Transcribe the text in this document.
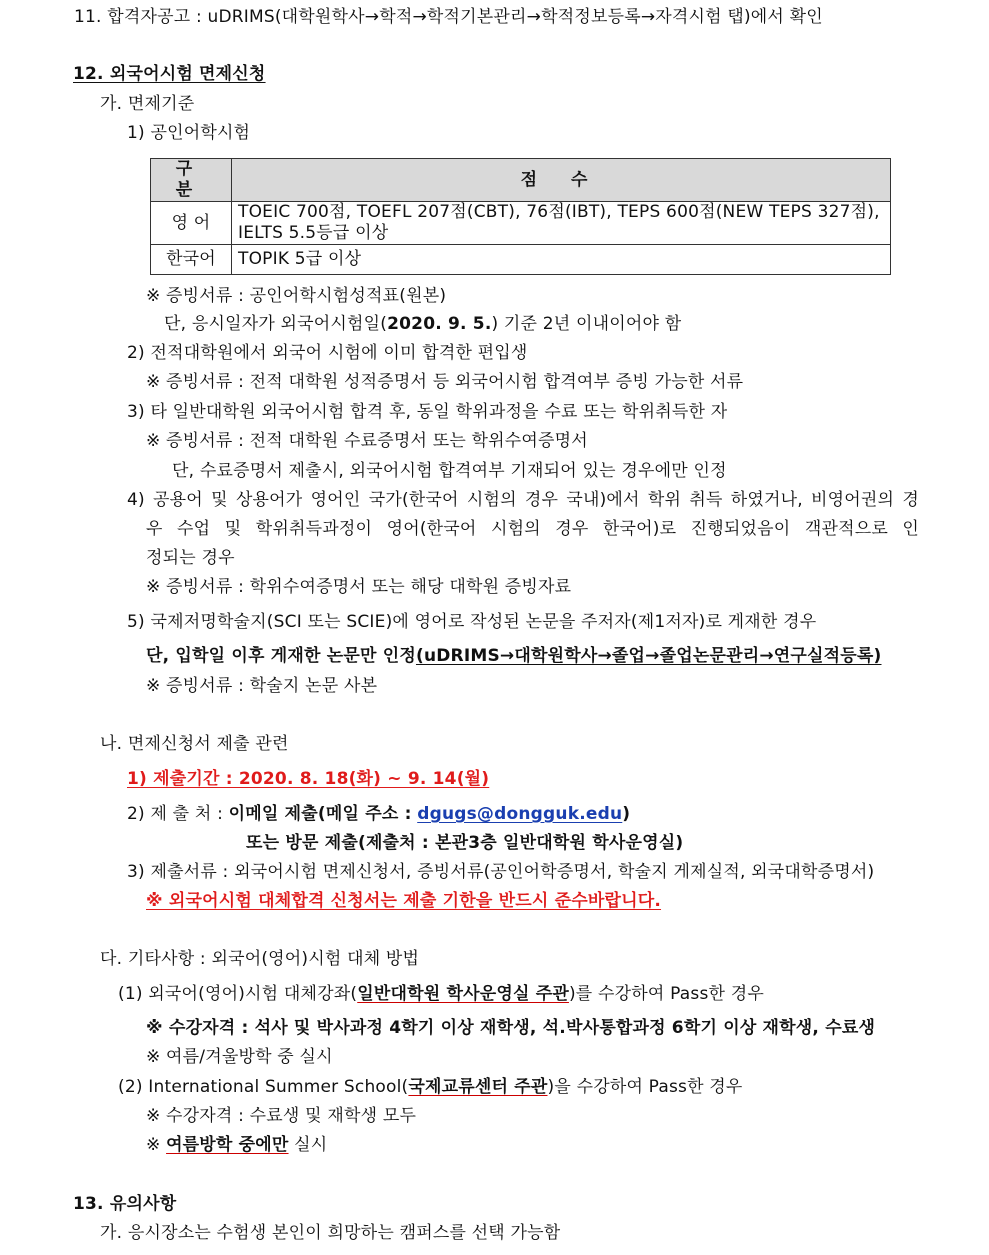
11. 합격자공고 : uDRIMS(대학원학사→학적→학적기본관리→학적정보등록→자격시험 탭)에서 확인
12. 외국어시험 면제신청
가. 면제기준
1) 공인어학시험
구 분	점 수
영 어	TOEIC 700점, TOEFL 207점(CBT), 76점(IBT), TEPS 600점(NEW TEPS 327점),
IELTS 5.5등급 이상

한국어	TOPIK 5급 이상
※ 증빙서류 : 공인어학시험성적표(원본)
단, 응시일자가 외국어시험일(2020. 9. 5.) 기준 2년 이내이어야 함
2) 전적대학원에서 외국어 시험에 이미 합격한 편입생
※ 증빙서류 : 전적 대학원 성적증명서 등 외국어시험 합격여부 증빙 가능한 서류
3) 타 일반대학원 외국어시험 합격 후, 동일 학위과정을 수료 또는 학위취득한 자
※ 증빙서류 : 전적 대학원 수료증명서 또는 학위수여증명서
단, 수료증명서 제출시, 외국어시험 합격여부 기재되어 있는 경우에만 인정
4) 공용어 및 상용어가 영어인 국가(한국어 시험의 경우 국내)에서 학위 취득 하였거나, 비영어권의 경
우 수업 및 학위취득과정이 영어(한국어 시험의 경우 한국어)로 진행되었음이 객관적으로 인
정되는 경우
※ 증빙서류 : 학위수여증명서 또는 해당 대학원 증빙자료
5) 국제저명학술지(SCI 또는 SCIE)에 영어로 작성된 논문을 주저자(제1저자)로 게재한 경우
단, 입학일 이후 게재한 논문만 인정(uDRIMS→대학원학사→졸업→졸업논문관리→연구실적등록)
※ 증빙서류 : 학술지 논문 사본
나. 면제신청서 제출 관련
1) 제출기간 : 2020. 8. 18(화) ~ 9. 14(월)
2) 제 출 처 : 이메일 제출(메일 주소 : dgugs@dongguk.edu)
또는 방문 제출(제출처 : 본관3층 일반대학원 학사운영실)
3) 제출서류 : 외국어시험 면제신청서, 증빙서류(공인어학증명서, 학술지 게제실적, 외국대학증명서)
※ 외국어시험 대체합격 신청서는 제출 기한을 반드시 준수바랍니다.
다. 기타사항 : 외국어(영어)시험 대체 방법
(1) 외국어(영어)시험 대체강좌(일반대학원 학사운영실 주관)를 수강하여 Pass한 경우
※ 수강자격 : 석사 및 박사과정 4학기 이상 재학생, 석.박사통합과정 6학기 이상 재학생, 수료생
※ 여름/겨울방학 중 실시
(2) International Summer School(국제교류센터 주관)을 수강하여 Pass한 경우
※ 수강자격 : 수료생 및 재학생 모두
※ 여름방학 중에만 실시
13. 유의사항
가. 응시장소는 수험생 본인이 희망하는 캠퍼스를 선택 가능함
